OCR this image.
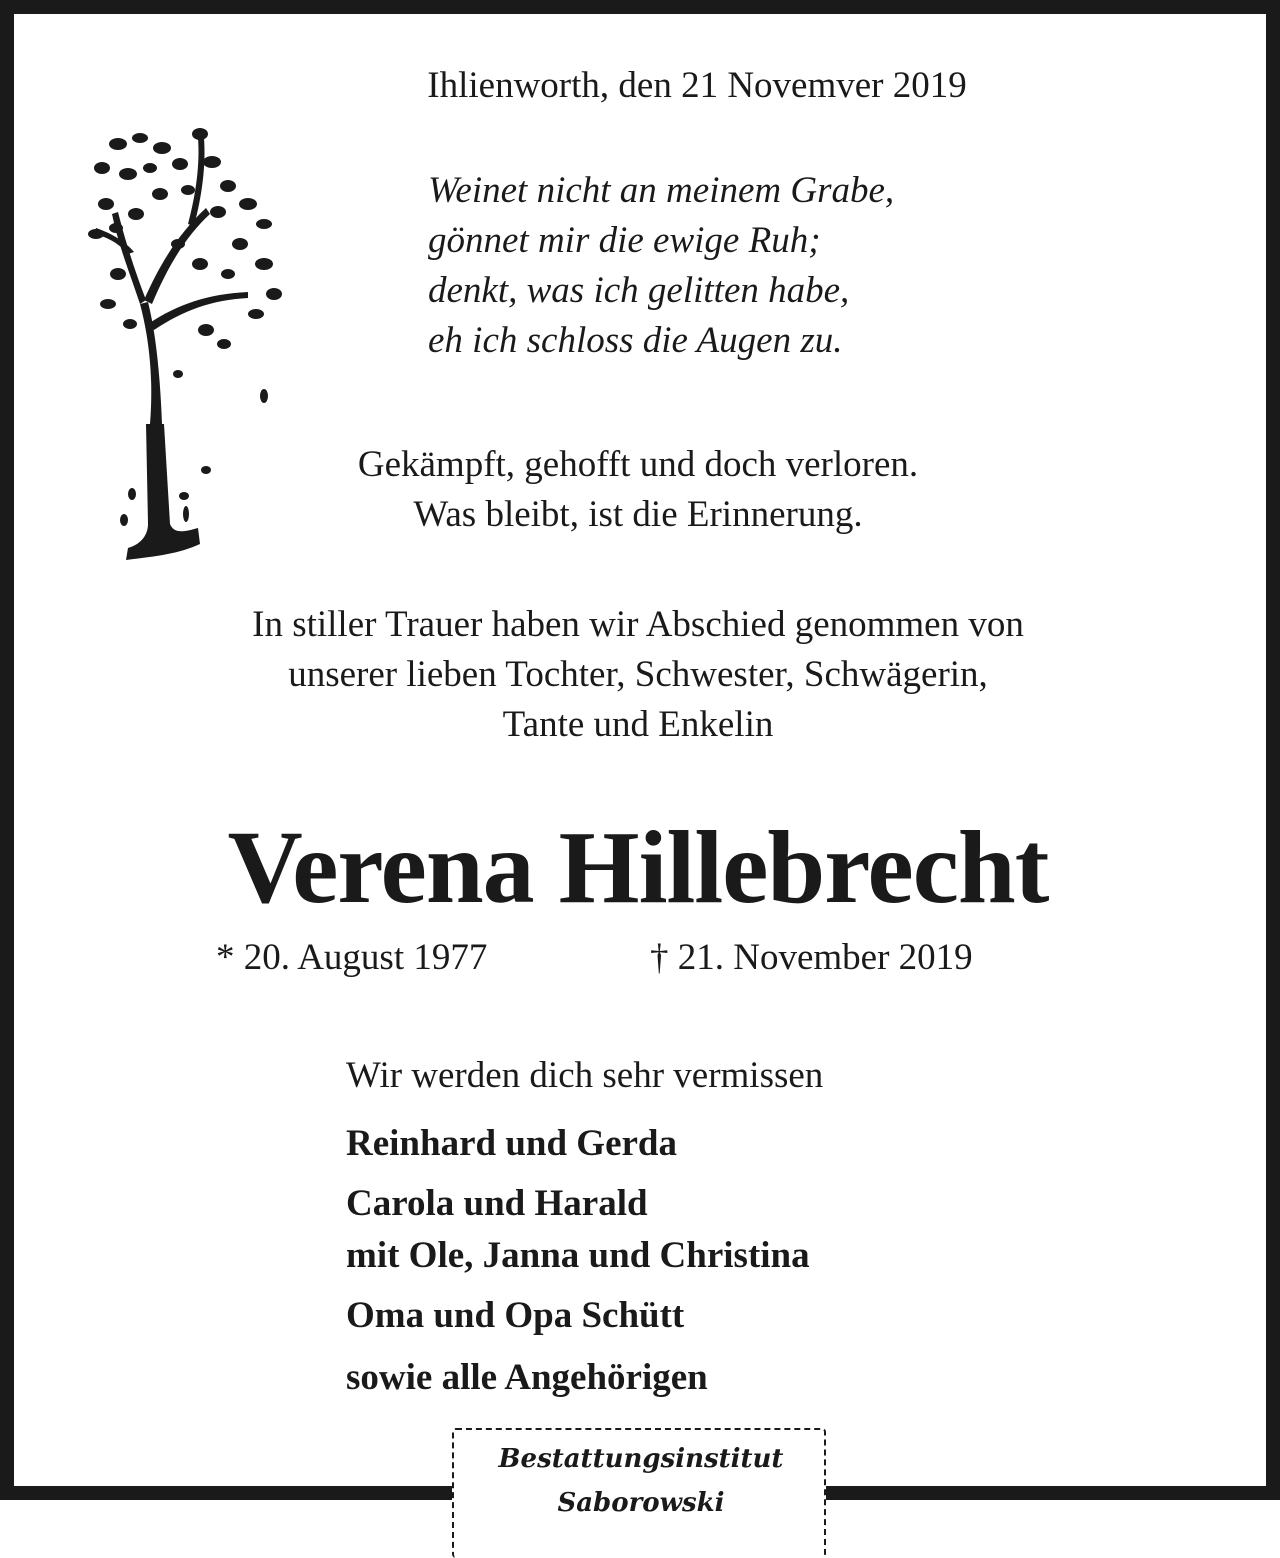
Ihlienworth, den 21 Novemver 2019
Weinet nicht an meinem Grabe,
gönnet mir die ewige Ruh;
denkt, was ich gelitten habe,
eh ich schloss die Augen zu.
Gekämpft, gehofft und doch verloren.
Was bleibt, ist die Erinnerung.
In stiller Trauer haben wir Abschied genommen von
unserer lieben Tochter, Schwester, Schwägerin,
Tante und Enkelin
Verena Hillebrecht
* 20. August 1977	† 21. November 2019
Wir werden dich sehr vermissen
Reinhard und Gerda
Carola und Harald
mit Ole, Janna und Christina
Oma und Opa Schütt
sowie alle Angehörigen
Bestattungsinstitut
Saborowski
